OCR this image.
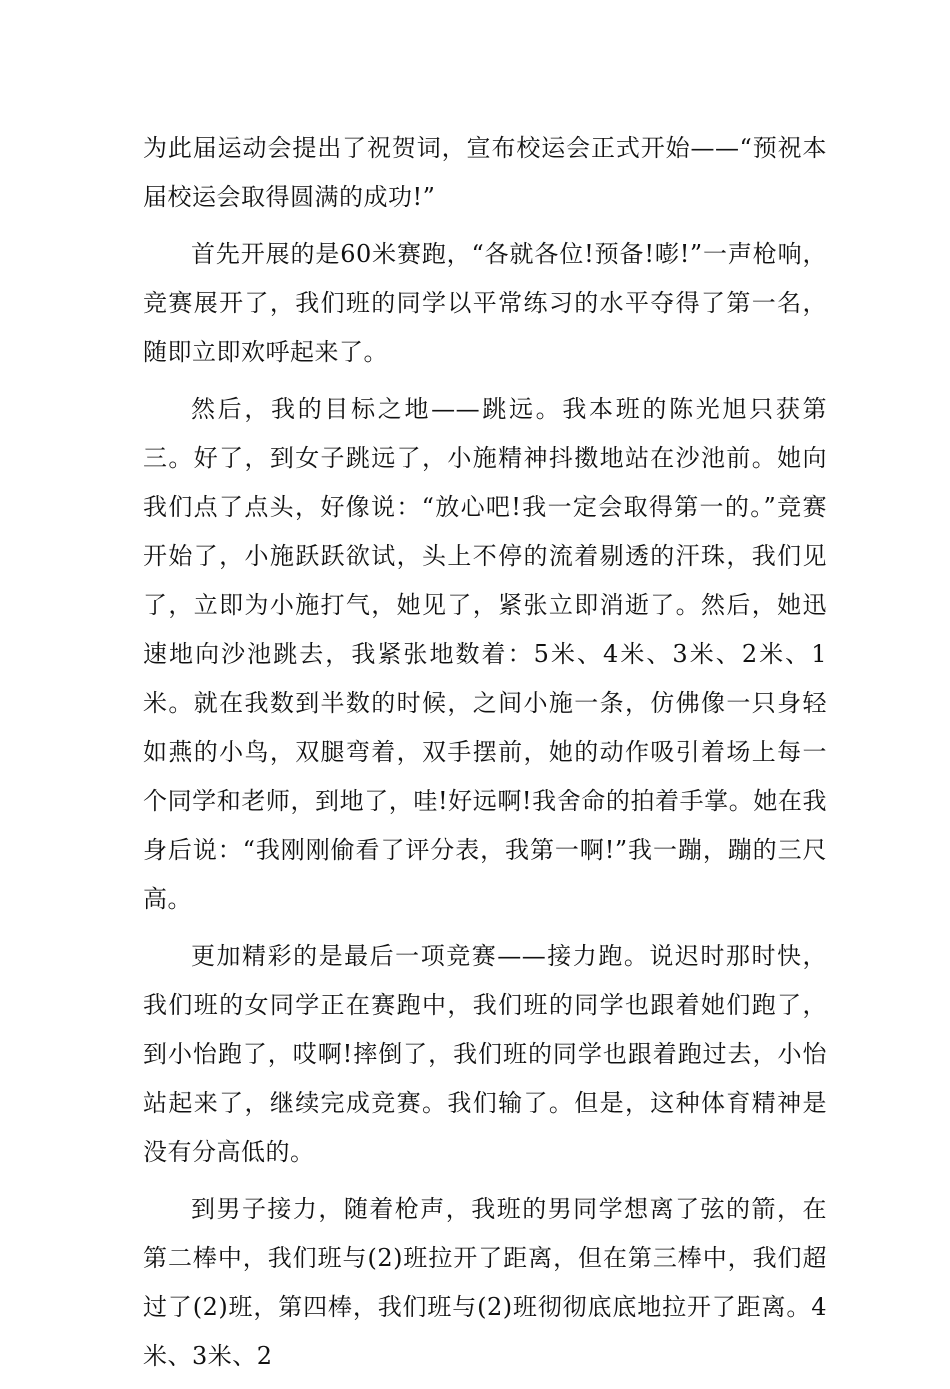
为此届运动会提出了祝贺词，宣布校运会正式开始——“预祝本届校运会取得圆满的成功!”

首先开展的是60米赛跑，“各就各位!预备!嘭!”一声枪响，竞赛展开了，我们班的同学以平常练习的水平夺得了第一名，随即立即欢呼起来了。

然后，我的目标之地——跳远。我本班的陈光旭只获第三。好了，到女子跳远了，小施精神抖擞地站在沙池前。她向我们点了点头，好像说：“放心吧!我一定会取得第一的。”竞赛开始了，小施跃跃欲试，头上不停的流着剔透的汗珠，我们见了，立即为小施打气，她见了，紧张立即消逝了。然后，她迅速地向沙池跳去，我紧张地数着：5米、4米、3米、2米、1米。就在我数到半数的时候，之间小施一条，仿佛像一只身轻如燕的小鸟，双腿弯着，双手摆前，她的动作吸引着场上每一个同学和老师，到地了，哇!好远啊!我舍命的拍着手掌。她在我身后说：“我刚刚偷看了评分表，我第一啊!”我一蹦，蹦的三尺高。

更加精彩的是最后一项竞赛——接力跑。说迟时那时快，我们班的女同学正在赛跑中，我们班的同学也跟着她们跑了，到小怡跑了，哎啊!摔倒了，我们班的同学也跟着跑过去，小怡站起来了，继续完成竞赛。我们输了。但是，这种体育精神是没有分高低的。

到男子接力，随着枪声，我班的男同学想离了弦的箭，在第二棒中，我们班与(2)班拉开了距离，但在第三棒中，我们超过了(2)班，第四棒，我们班与(2)班彻彻底底地拉开了距离。4米、3米、2
